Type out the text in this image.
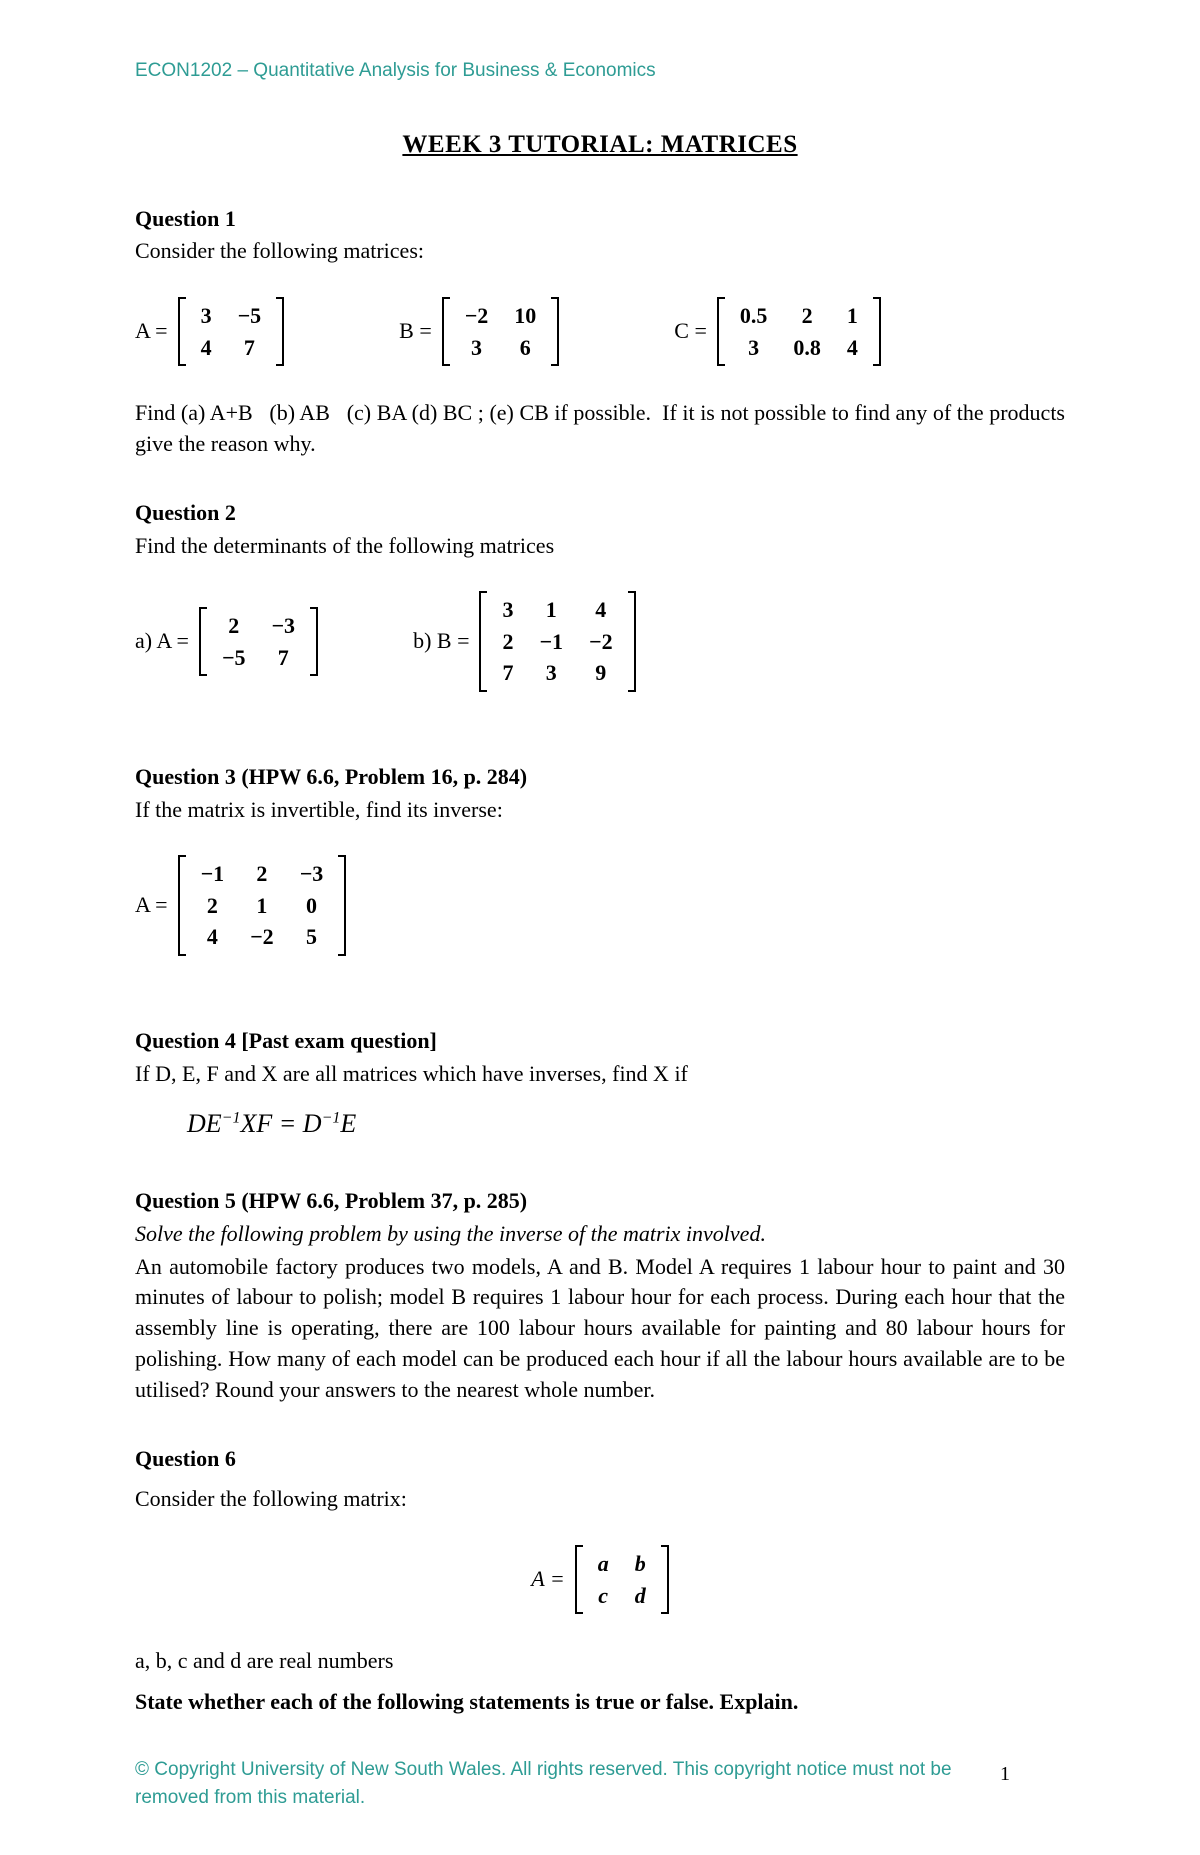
ECON1202 – Quantitative Analysis for Business & Economics
WEEK 3 TUTORIAL: MATRICES
Question 1

Consider the following matrices:

A =
3	−5
4	7
B =
−2	10
3	6
C =
0.5	2	1
3	0.8	4

Find (a) A+B   (b) AB   (c) BA (d) BC ; (e) CB if possible.  If it is not possible to find any of the products give the reason why.

Question 2

Find the determinants of the following matrices

a) A =
2	−3
−5	7
b) B =
3	1	4
2	−1	−2
7	3	9
Question 3 (HPW 6.6, Problem 16, p. 284)

If the matrix is invertible, find its inverse:

A =
−1	2	−3
2	1	0
4	−2	5
Question 4 [Past exam question]

If D, E, F and X are all matrices which have inverses, find X if

$DE^{-1}XF = D^{-1}E$
Question 5 (HPW 6.6, Problem 37, p. 285)

Solve the following problem by using the inverse of the matrix involved.

An automobile factory produces two models, A and B. Model A requires 1 labour hour to paint and 30 minutes of labour to polish; model B requires 1 labour hour for each process. During each hour that the assembly line is operating, there are 100 labour hours available for painting and 80 labour hours for polishing. How many of each model can be produced each hour if all the labour hours available are to be utilised? Round your answers to the nearest whole number.

Question 6

Consider the following matrix:

A =
a	b
c	d

a, b, c and d are real numbers

State whether each of the following statements is true or false. Explain.

© Copyright University of New South Wales. All rights reserved. This copyright notice must not be removed from this material.
1
